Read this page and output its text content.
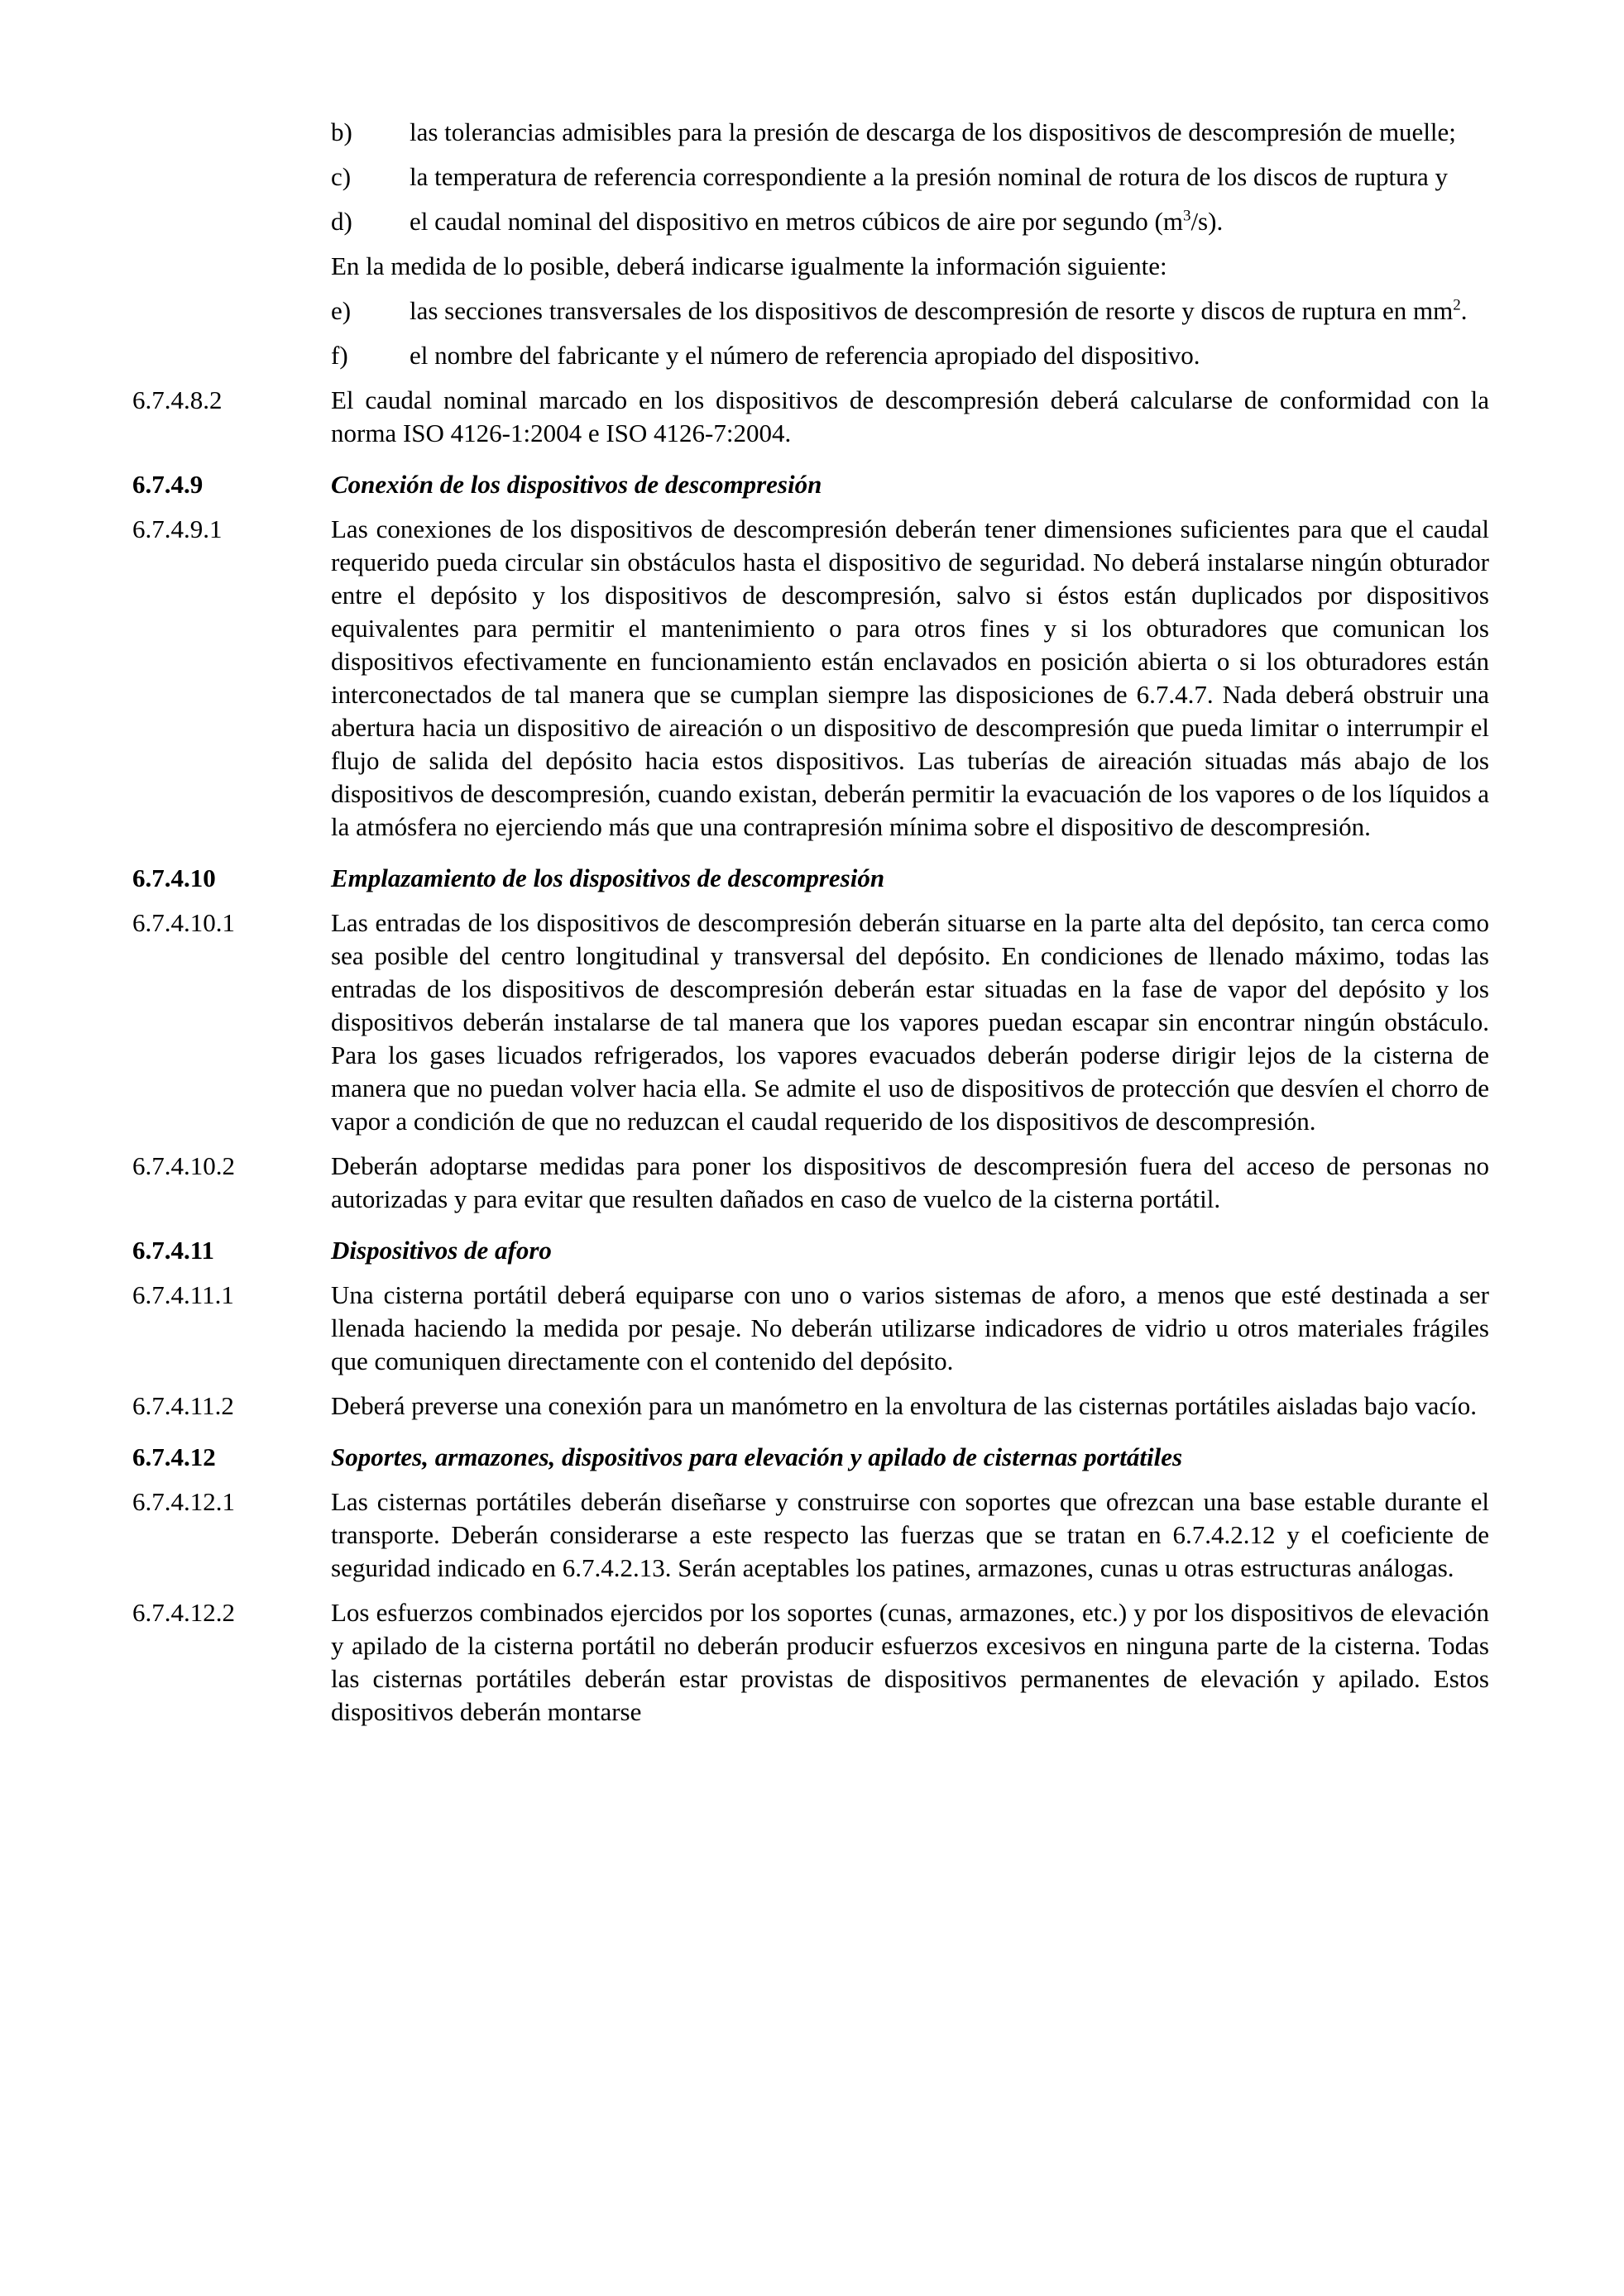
b)	las tolerancias admisibles para la presión de descarga de los dispositivos de descompresión de muelle;
c)	la temperatura de referencia correspondiente a la presión nominal de rotura de los discos de ruptura y
d)	el caudal nominal del dispositivo en metros cúbicos de aire por segundo $(m^3/s)$.
En la medida de lo posible, deberá indicarse igualmente la información siguiente:
e)	las secciones transversales de los dispositivos de descompresión de resorte y discos de ruptura en $mm^2$.
f)	el nombre del fabricante y el número de referencia apropiado del dispositivo.
6.7.4.8.2	El caudal nominal marcado en los dispositivos de descompresión deberá calcularse de conformidad con la norma ISO 4126-1:2004 e ISO 4126-7:2004.
6.7.4.9	Conexión de los dispositivos de descompresión
6.7.4.9.1	Las conexiones de los dispositivos de descompresión deberán tener dimensiones suficientes para que el caudal requerido pueda circular sin obstáculos hasta el dispositivo de seguridad. No deberá instalarse ningún obturador entre el depósito y los dispositivos de descompresión, salvo si éstos están duplicados por dispositivos equivalentes para permitir el mantenimiento o para otros fines y si los obturadores que comunican los dispositivos efectivamente en funcionamiento están enclavados en posición abierta o si los obturadores están interconectados de tal manera que se cumplan siempre las disposiciones de 6.7.4.7. Nada deberá obstruir una abertura hacia un dispositivo de aireación o un dispositivo de descompresión que pueda limitar o interrumpir el flujo de salida del depósito hacia estos dispositivos. Las tuberías de aireación situadas más abajo de los dispositivos de descompresión, cuando existan, deberán permitir la evacuación de los vapores o de los líquidos a la atmósfera no ejerciendo más que una contrapresión mínima sobre el dispositivo de descompresión.
6.7.4.10	Emplazamiento de los dispositivos de descompresión
6.7.4.10.1	Las entradas de los dispositivos de descompresión deberán situarse en la parte alta del depósito, tan cerca como sea posible del centro longitudinal y transversal del depósito. En condiciones de llenado máximo, todas las entradas de los dispositivos de descompresión deberán estar situadas en la fase de vapor del depósito y los dispositivos deberán instalarse de tal manera que los vapores puedan escapar sin encontrar ningún obstáculo. Para los gases licuados refrigerados, los vapores evacuados deberán poderse dirigir lejos de la cisterna de manera que no puedan volver hacia ella. Se admite el uso de dispositivos de protección que desvíen el chorro de vapor a condición de que no reduzcan el caudal requerido de los dispositivos de descompresión.
6.7.4.10.2	Deberán adoptarse medidas para poner los dispositivos de descompresión fuera del acceso de personas no autorizadas y para evitar que resulten dañados en caso de vuelco de la cisterna portátil.
6.7.4.11	Dispositivos de aforo
6.7.4.11.1	Una cisterna portátil deberá equiparse con uno o varios sistemas de aforo, a menos que esté destinada a ser llenada haciendo la medida por pesaje. No deberán utilizarse indicadores de vidrio u otros materiales frágiles que comuniquen directamente con el contenido del depósito.
6.7.4.11.2	Deberá preverse una conexión para un manómetro en la envoltura de las cisternas portátiles aisladas bajo vacío.
6.7.4.12	Soportes, armazones, dispositivos para elevación y apilado de cisternas portátiles
6.7.4.12.1	Las cisternas portátiles deberán diseñarse y construirse con soportes que ofrezcan una base estable durante el transporte. Deberán considerarse a este respecto las fuerzas que se tratan en 6.7.4.2.12 y el coeficiente de seguridad indicado en 6.7.4.2.13. Serán aceptables los patines, armazones, cunas u otras estructuras análogas.
6.7.4.12.2	Los esfuerzos combinados ejercidos por los soportes (cunas, armazones, etc.) y por los dispositivos de elevación y apilado de la cisterna portátil no deberán producir esfuerzos excesivos en ninguna parte de la cisterna. Todas las cisternas portátiles deberán estar provistas de dispositivos permanentes de elevación y apilado. Estos dispositivos deberán montarse
